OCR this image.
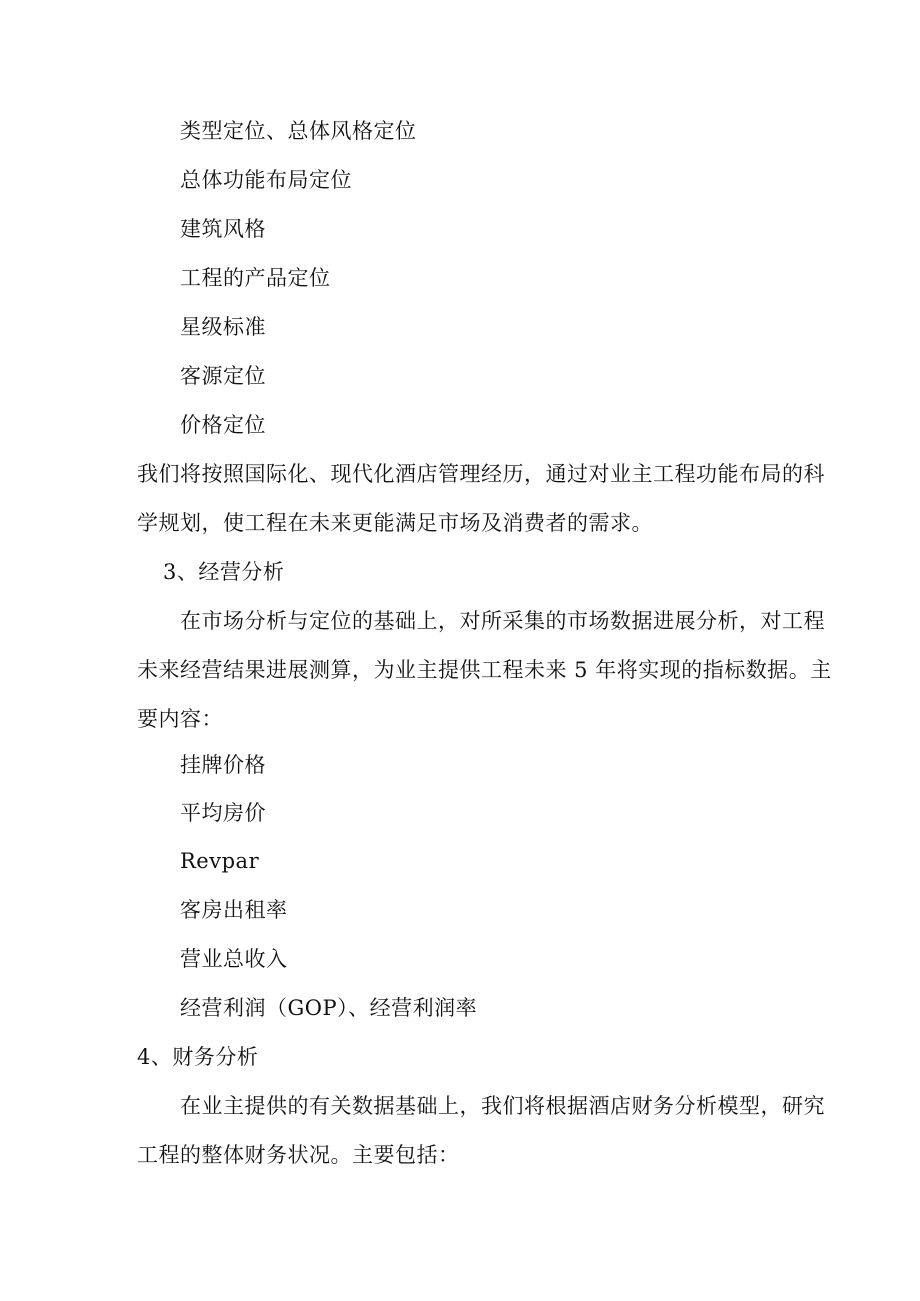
类型定位、总体风格定位
总体功能布局定位
建筑风格
工程的产品定位
星级标准
客源定位
价格定位
我们将按照国际化、现代化酒店管理经历，通过对业主工程功能布局的科
学规划，使工程在未来更能满足市场及消费者的需求。
3、经营分析
在市场分析与定位的基础上，对所采集的市场数据进展分析，对工程
未来经营结果进展测算，为业主提供工程未来 5 年将实现的指标数据。主
要内容：
挂牌价格
平均房价
Revpar
客房出租率
营业总收入
经营利润（GOP）、经营利润率
4、财务分析
在业主提供的有关数据基础上，我们将根据酒店财务分析模型，研究
工程的整体财务状况。主要包括：
